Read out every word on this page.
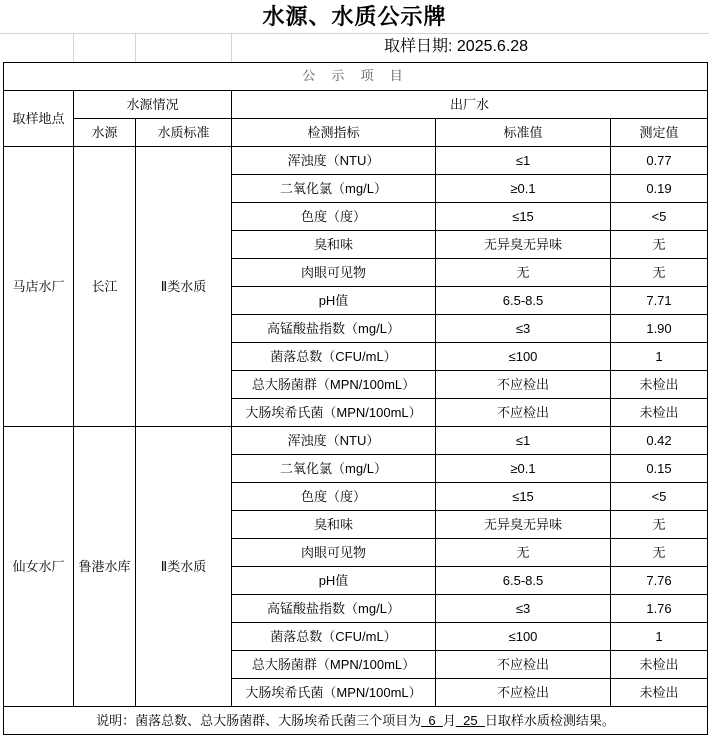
水源、水质公示牌
取样日期: 2025.6.28
公 示 项 目					
取样地点	水源情况		出厂水		
	水源	水质标准	检测指标	标准值	测定值
马店水厂	长江	Ⅱ类水质	浑浊度（NTU）	≤1	0.77
			二氧化氯（mg/L）	≥0.1	0.19
			色度（度）	≤15	<5
			臭和味	无异臭无异味	无
			肉眼可见物	无	无
			pH值	6.5-8.5	7.71
			高锰酸盐指数（mg/L）	≤3	1.90
			菌落总数（CFU/mL）	≤100	1
			总大肠菌群（MPN/100mL）	不应检出	未检出
			大肠埃希氏菌（MPN/100mL）	不应检出	未检出
仙女水厂	鲁港水库	Ⅱ类水质	浑浊度（NTU）	≤1	0.42
			二氧化氯（mg/L）	≥0.1	0.15
			色度（度）	≤15	<5
			臭和味	无异臭无异味	无
			肉眼可见物	无	无
			pH值	6.5-8.5	7.76
			高锰酸盐指数（mg/L）	≤3	1.76
			菌落总数（CFU/mL）	≤100	1
			总大肠菌群（MPN/100mL）	不应检出	未检出
			大肠埃希氏菌（MPN/100mL）	不应检出	未检出
说明：菌落总数、总大肠菌群、大肠埃希氏菌三个项目为  6  月  25  日取样水质检测结果。					
